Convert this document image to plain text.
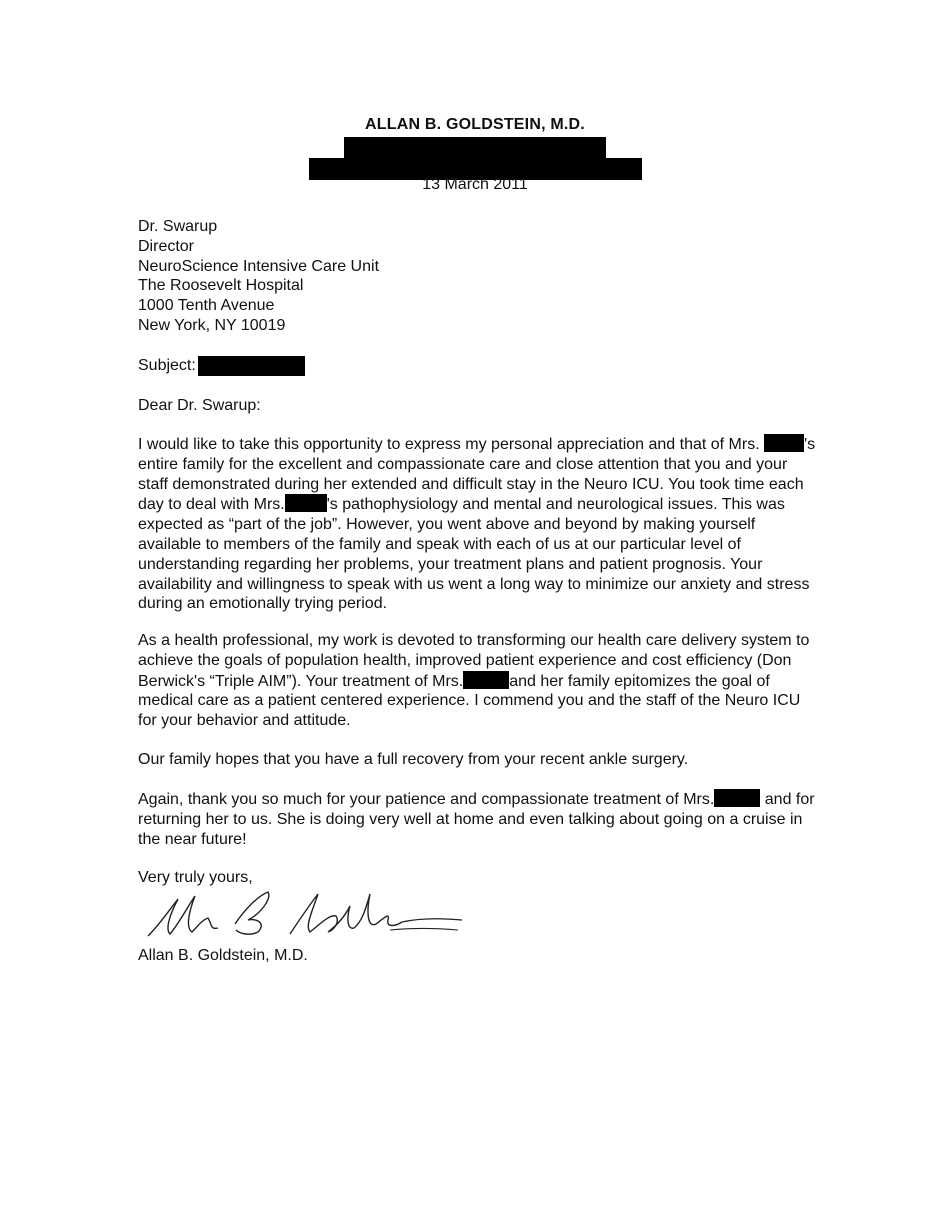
ALLAN B. GOLDSTEIN, M.D.
13 March 2011
Dr. Swarup
Director
NeuroScience Intensive Care Unit
The Roosevelt Hospital
1000 Tenth Avenue
New York, NY 10019
Subject:
Dear Dr. Swarup:

I would like to take this opportunity to express my personal appreciation and that of Mrs.	's entire family for the excellent and compassionate care and close attention that you and your staff demonstrated during her extended and difficult stay in the Neuro ICU. You took time each day to deal with Mrs.	's pathophysiology and mental and neurological issues. This was expected as “part of the job”. However, you went above and beyond by making yourself available to members of the family and speak with each of us at our particular level of understanding regarding her problems, your treatment plans and patient prognosis. Your availability and willingness to speak with us went a long way to minimize our anxiety and stress during an emotionally trying period.

As a health professional, my work is devoted to transforming our health care delivery system to achieve the goals of population health, improved patient experience and cost efficiency (Don Berwick's “Triple AIM”). Your treatment of Mrs.	and her family epitomizes the goal of medical care as a patient centered experience. I commend you and the staff of the Neuro ICU for your behavior and attitude.

Our family hopes that you have a full recovery from your recent ankle surgery.

Again, thank you so much for your patience and compassionate treatment of Mrs.	and for returning her to us. She is doing very well at home and even talking about going on a cruise in the near future!

Very truly yours,
Allan B. Goldstein, M.D.
